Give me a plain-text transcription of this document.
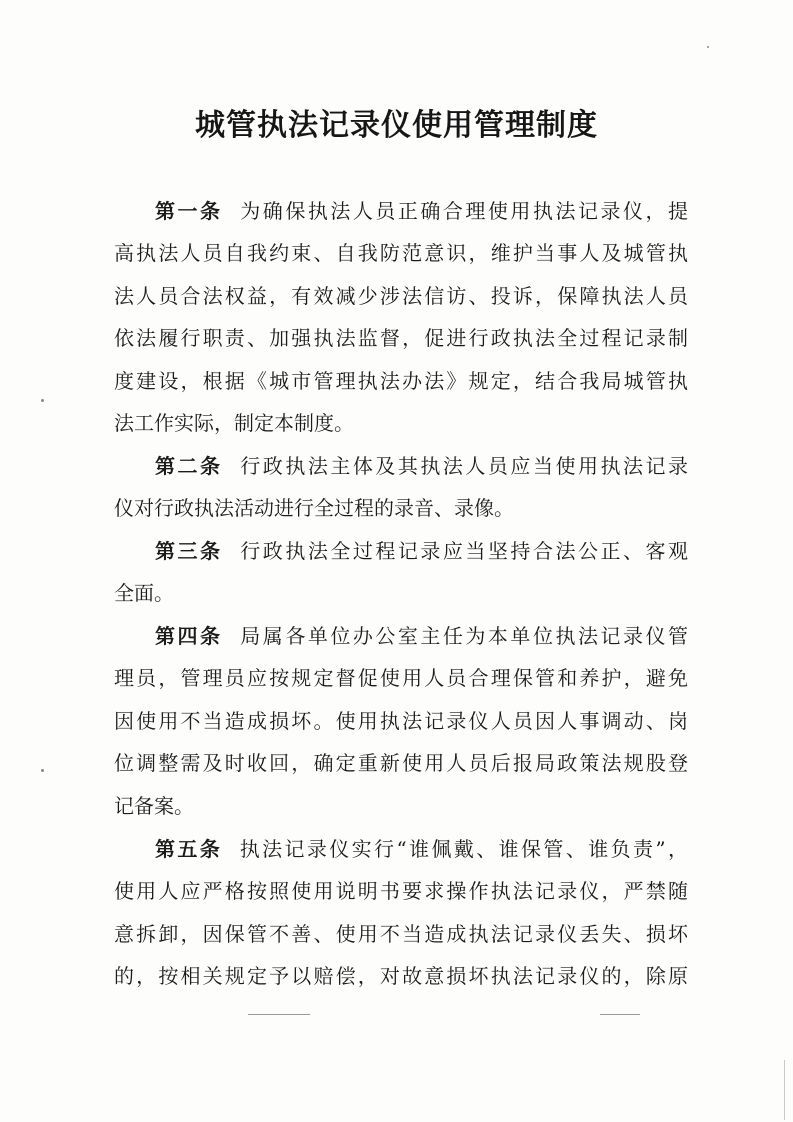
城管执法记录仪使用管理制度
第一条 为确保执法人员正确合理使用执法记录仪，提
高执法人员自我约束、自我防范意识，维护当事人及城管执
法人员合法权益，有效减少涉法信访、投诉，保障执法人员
依法履行职责、加强执法监督，促进行政执法全过程记录制
度建设，根据《城市管理执法办法》规定，结合我局城管执
法工作实际，制定本制度。
第二条 行政执法主体及其执法人员应当使用执法记录
仪对行政执法活动进行全过程的录音、录像。
第三条 行政执法全过程记录应当坚持合法公正、客观
全面。
第四条 局属各单位办公室主任为本单位执法记录仪管
理员，管理员应按规定督促使用人员合理保管和养护，避免
因使用不当造成损坏。使用执法记录仪人员因人事调动、岗
位调整需及时收回，确定重新使用人员后报局政策法规股登
记备案。
第五条 执法记录仪实行“谁佩戴、谁保管、谁负责”，
使用人应严格按照使用说明书要求操作执法记录仪，严禁随
意拆卸，因保管不善、使用不当造成执法记录仪丢失、损坏
的，按相关规定予以赔偿，对故意损坏执法记录仪的，除原
